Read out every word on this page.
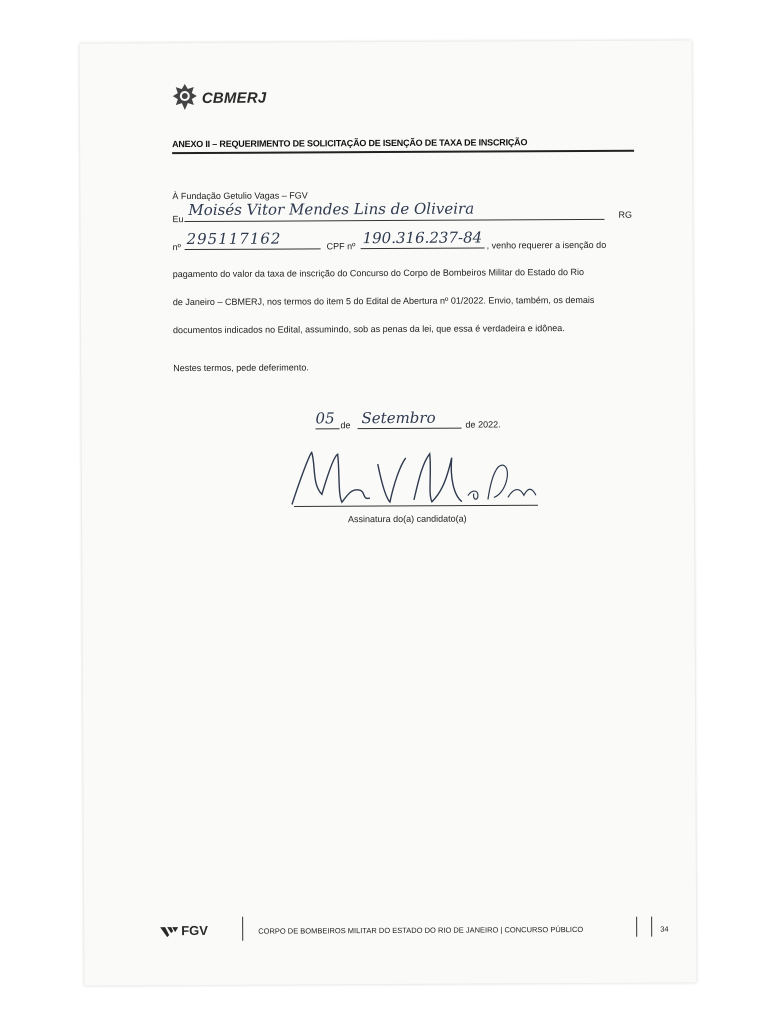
CBMERJ
ANEXO II – REQUERIMENTO DE SOLICITAÇÃO DE ISENÇÃO DE TAXA DE INSCRIÇÃO
À Fundação Getulio Vagas – FGV
Eu
Moisés Vitor Mendes Lins de Oliveira	RG
nº 295117162	CPF nº 190.316.237-84 , venho requerer a isenção do
pagamento do valor da taxa de inscrição do Concurso do Corpo de Bombeiros Militar do Estado do Rio
de Janeiro – CBMERJ, nos termos do item 5 do Edital de Abertura nº 01/2022. Envio, também, os demais
documentos indicados no Edital, assumindo, sob as penas da lei, que essa é verdadeira e idônea.
Nestes termos, pede deferimento.
05 de Setembro	de 2022.
Assinatura do(a) candidato(a)
FGV	CORPO DE BOMBEIROS MILITAR DO ESTADO DO RIO DE JANEIRO | CONCURSO PÚBLICO	34
